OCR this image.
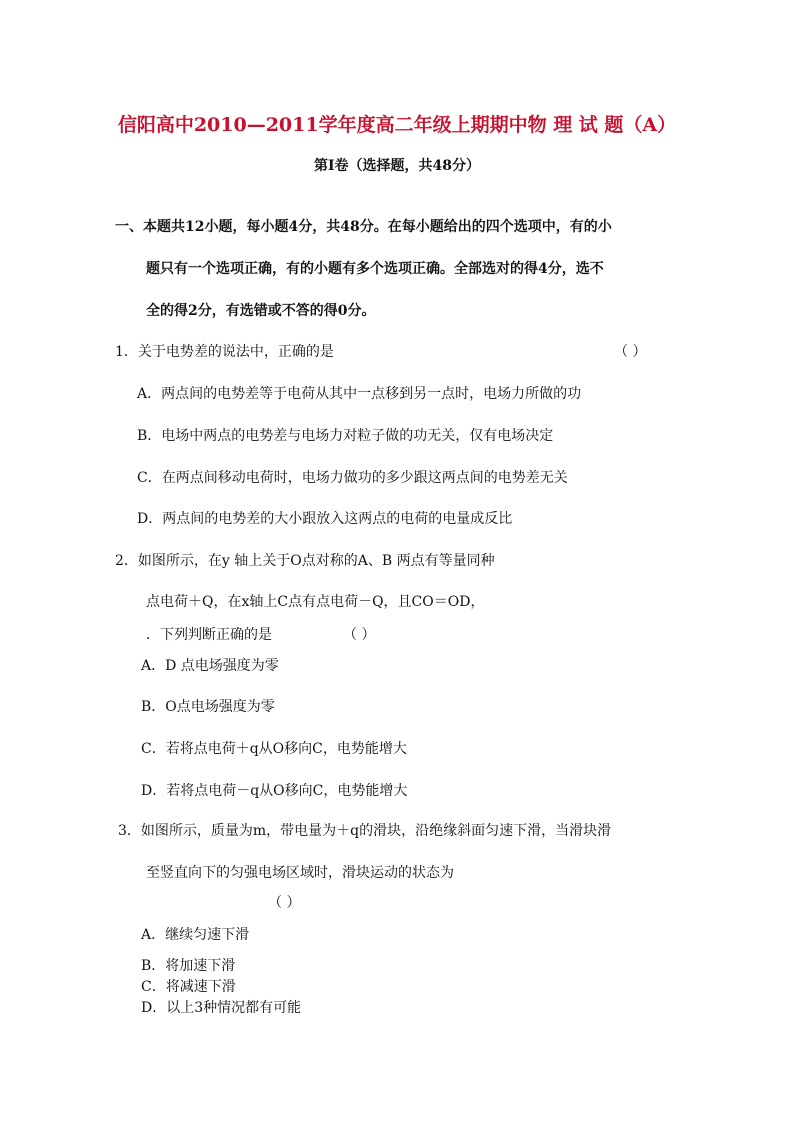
信阳高中2010—2011学年度高二年级上期期中物 理 试 题（A）
第Ⅰ卷（选择题，共48分）
一、本题共12小题，每小题4分，共48分。在每小题给出的四个选项中，有的小
题只有一个选项正确，有的小题有多个选项正确。全部选对的得4分，选不
全的得2分，有选错或不答的得0分。
1．关于电势差的说法中，正确的是	（ ）
A．两点间的电势差等于电荷从其中一点移到另一点时，电场力所做的功
B．电场中两点的电势差与电场力对粒子做的功无关，仅有电场决定
C．在两点间移动电荷时，电场力做功的多少跟这两点间的电势差无关
D．两点间的电势差的大小跟放入这两点的电荷的电量成反比
2．如图所示，在y 轴上关于O点对称的A、B 两点有等量同种
点电荷＋Q，在x轴上C点有点电荷－Q，且CO＝OD，
．下列判断正确的是	（ ）
A．D 点电场强度为零
B．O点电场强度为零
C．若将点电荷＋q从O移向C，电势能增大
D．若将点电荷－q从O移向C，电势能增大
3．如图所示，质量为m，带电量为＋q的滑块，沿绝缘斜面匀速下滑，当滑块滑
至竖直向下的匀强电场区域时，滑块运动的状态为
（ ）
A．继续匀速下滑
B．将加速下滑
C．将减速下滑
D．以上3种情况都有可能
